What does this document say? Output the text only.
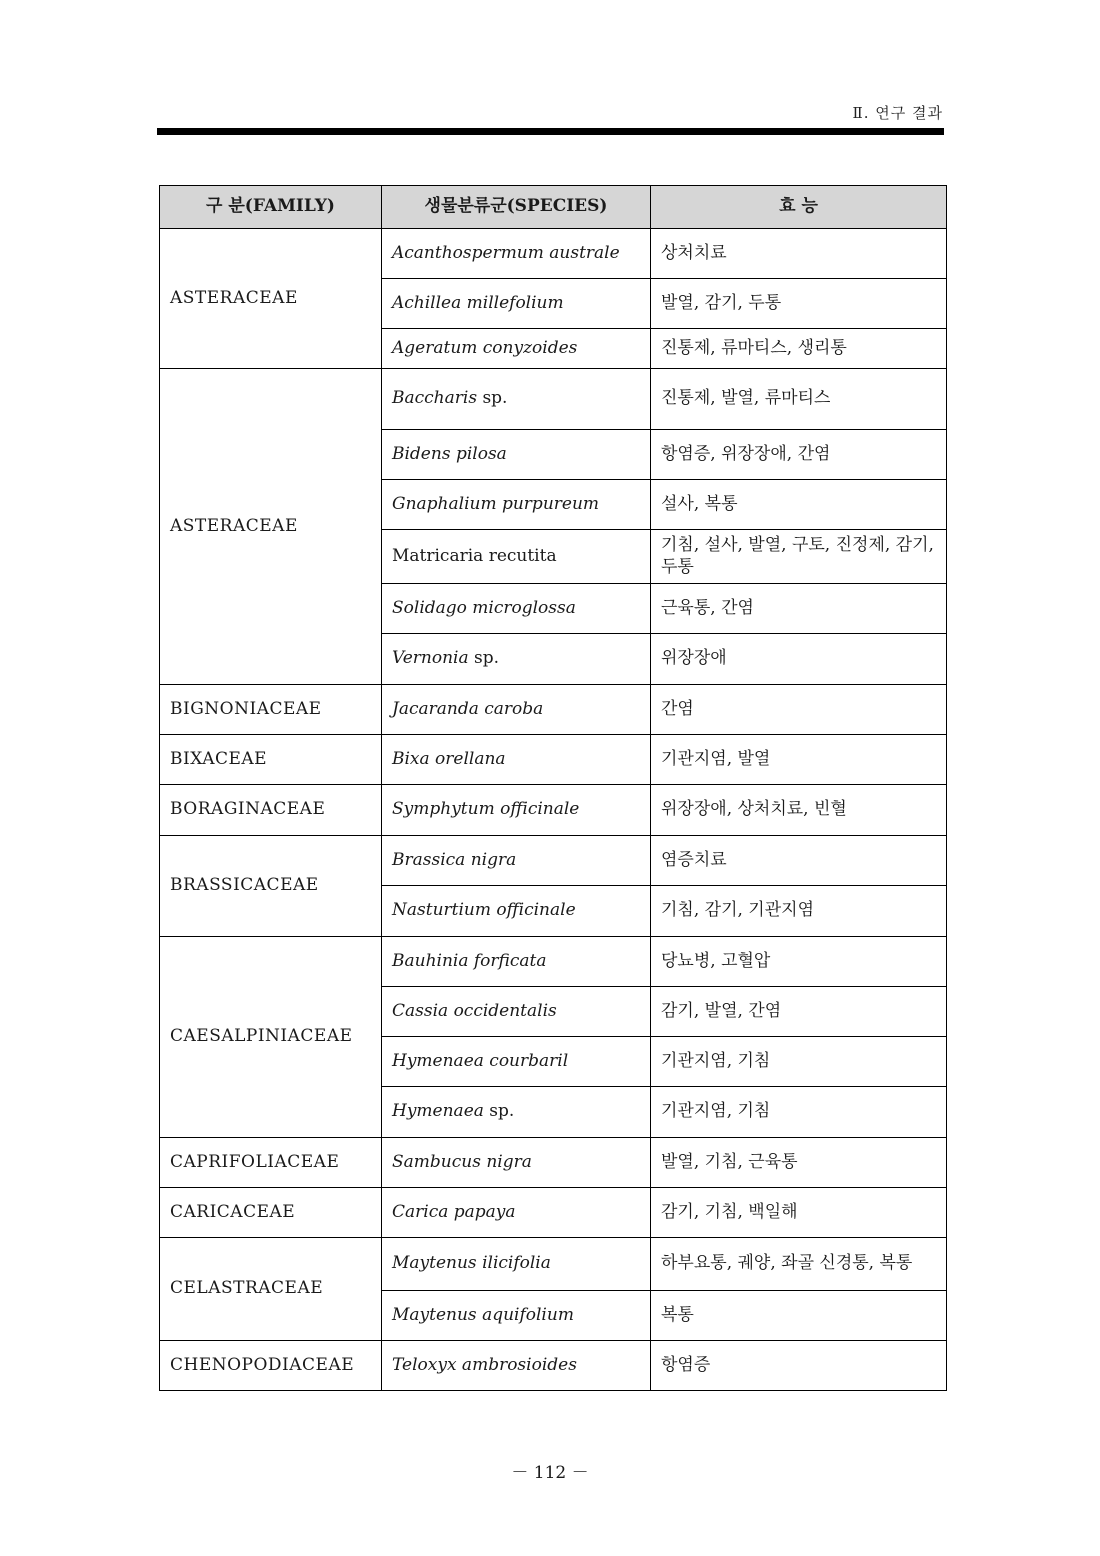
Ⅱ. 연구 결과
구 분(FAMILY)	생물분류군(SPECIES)	효 능
ASTERACEAE	Acanthospermum australe	상처치료
	Achillea millefolium	발열, 감기, 두통
	Ageratum conyzoides	진통제, 류마티스, 생리통
ASTERACEAE	Baccharis sp.	진통제, 발열, 류마티스
	Bidens pilosa	항염증, 위장장애, 간염
	Gnaphalium purpureum	설사, 복통
	Matricaria recutita	기침, 설사, 발열, 구토, 진정제, 감기, 두통
	Solidago microglossa	근육통, 간염
	Vernonia sp.	위장장애
BIGNONIACEAE	Jacaranda caroba	간염
BIXACEAE	Bixa orellana	기관지염, 발열
BORAGINACEAE	Symphytum officinale	위장장애, 상처치료, 빈혈
BRASSICACEAE	Brassica nigra	염증치료
	Nasturtium officinale	기침, 감기, 기관지염
CAESALPINIACEAE	Bauhinia forficata	당뇨병, 고혈압
	Cassia occidentalis	감기, 발열, 간염
	Hymenaea courbaril	기관지염, 기침
	Hymenaea sp.	기관지염, 기침
CAPRIFOLIACEAE	Sambucus nigra	발열, 기침, 근육통
CARICACEAE	Carica papaya	감기, 기침, 백일해
CELASTRACEAE	Maytenus ilicifolia	하부요통, 궤양, 좌골 신경통, 복통
	Maytenus aquifolium	복통
CHENOPODIACEAE	Teloxyx ambrosioides	항염증
－ 112 －
